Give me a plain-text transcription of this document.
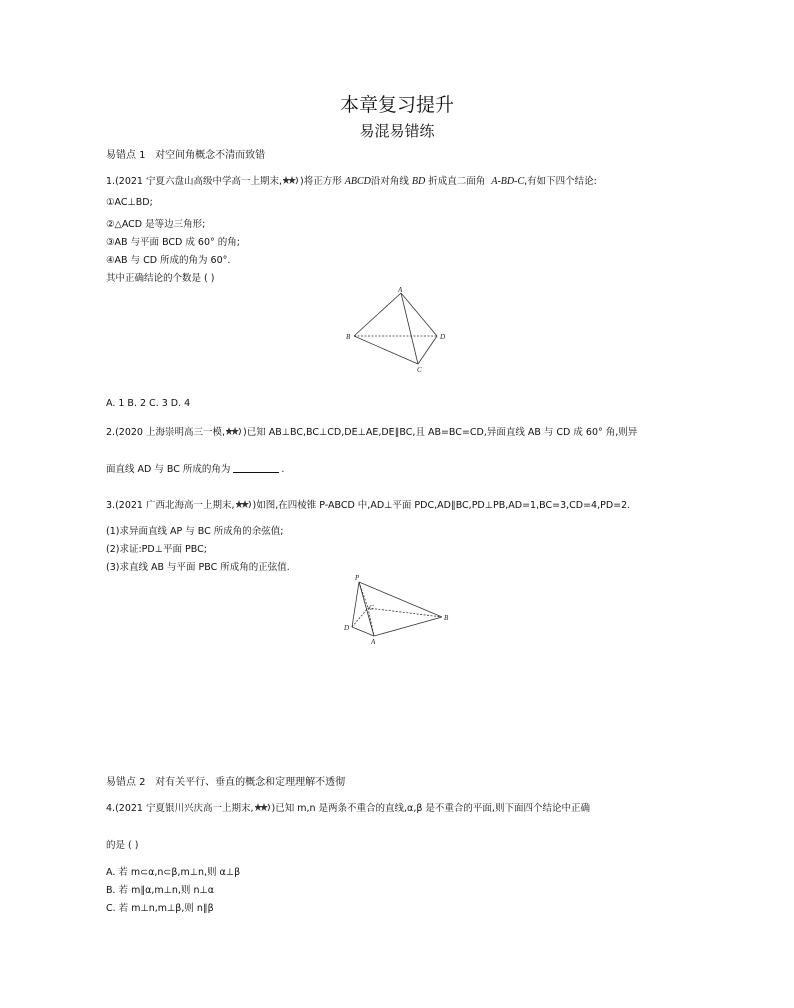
本章复习提升
易混易错练
易错点 1 对空间角概念不清而致错
1.(2021 宁夏六盘山高级中学高一上期末, )将正方形 ABCD沿对角线 BD 折成直二面角 A-BD-C,有如下四个结论:
①AC⊥BD;
②△ACD 是等边三角形;
③AB 与平面 BCD 成 60° 的角;
④AB 与 CD 所成的角为 60°.
其中正确结论的个数是 ( )
A
B
C
D
A. 1 B. 2 C. 3 D. 4
2.(2020 上海崇明高三一模, )已知 AB⊥BC,BC⊥CD,DE⊥AE,DE∥BC,且 AB=BC=CD,异面直线 AB 与 CD 成 60° 角,则异
面直线 AD 与 BC 所成的角为	.
3.(2021 广西北海高一上期末, )如图,在四棱锥 P-ABCD 中,AD⊥平面 PDC,AD∥BC,PD⊥PB,AD=1,BC=3,CD=4,PD=2.
(1)求异面直线 AP 与 BC 所成角的余弦值;
(2)求证:PD⊥平面 PBC;
(3)求直线 AB 与平面 PBC 所成角的正弦值.
P
C
B
D
A
易错点 2 对有关平行、垂直的概念和定理理解不透彻
4.(2021 宁夏银川兴庆高一上期末, )已知 m,n 是两条不重合的直线,α,β 是不重合的平面,则下面四个结论中正确
的是 ( )
A. 若 m⊂α,n⊂β,m⊥n,则 α⊥β
B. 若 m∥α,m⊥n,则 n⊥α
C. 若 m⊥n,m⊥β,则 n∥β
